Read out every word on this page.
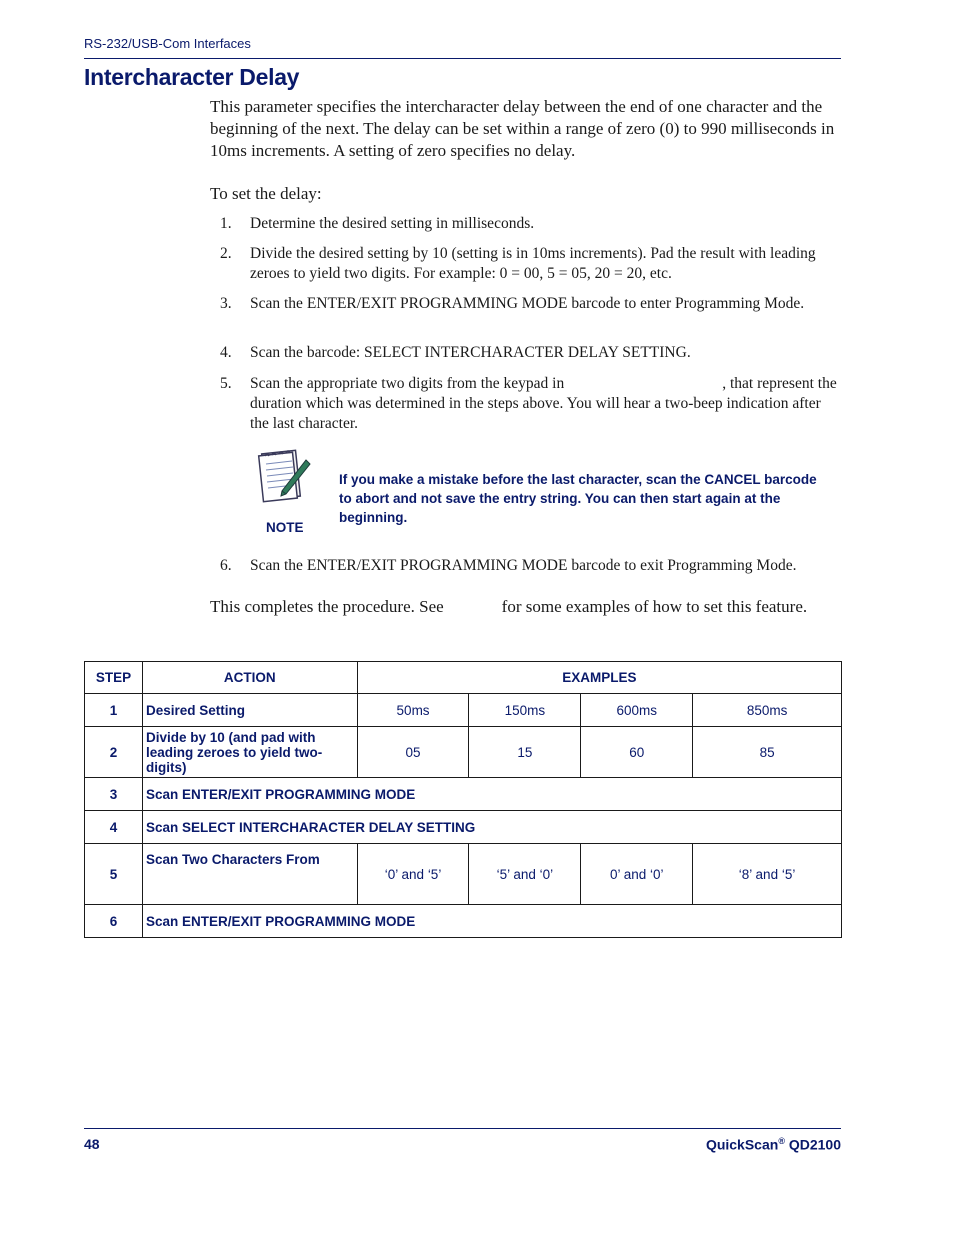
RS-232/USB-Com Interfaces
Intercharacter Delay

This parameter specifies the intercharacter delay between the end of one character and the beginning of the next. The delay can be set within a range of zero (0) to 990 milliseconds in 10ms increments. A setting of zero specifies no delay.

To set the delay:

1.	Determine the desired setting in milliseconds.
2.	Divide the desired setting by 10 (setting is in 10ms increments). Pad the result with leading zeroes to yield two digits. For example: 0 = 00, 5 = 05, 20 = 20, etc.
3.	Scan the ENTER/EXIT PROGRAMMING MODE barcode to enter Programming Mode.
4.	Scan the barcode: SELECT INTERCHARACTER DELAY SETTING.
5.	Scan the appropriate two digits from the keypad in	, that represent the duration which was determined in the steps above. You will hear a two-beep indication after the last character.
NOTE

If you make a mistake before the last character, scan the CANCEL barcode to abort and not save the entry string. You can then start again at the beginning.

6.	Scan the ENTER/EXIT PROGRAMMING MODE barcode to exit Programming Mode.

This completes the procedure. See	for some examples of how to set this feature.

STEP	ACTION	EXAMPLES			
1	Desired Setting	50ms	150ms	600ms	850ms
2	Divide by 10 (and pad with leading zeroes to yield two-digits)	05	15	60	85
3	Scan ENTER/EXIT PROGRAMMING MODE				
4	Scan SELECT INTERCHARACTER DELAY SETTING				
5	Scan Two Characters From	‘0’ and ‘5’	‘5’ and ‘0’	0’ and ‘0’	‘8’ and ‘5’
6	Scan ENTER/EXIT PROGRAMMING MODE				
48	QuickScan® QD2100
